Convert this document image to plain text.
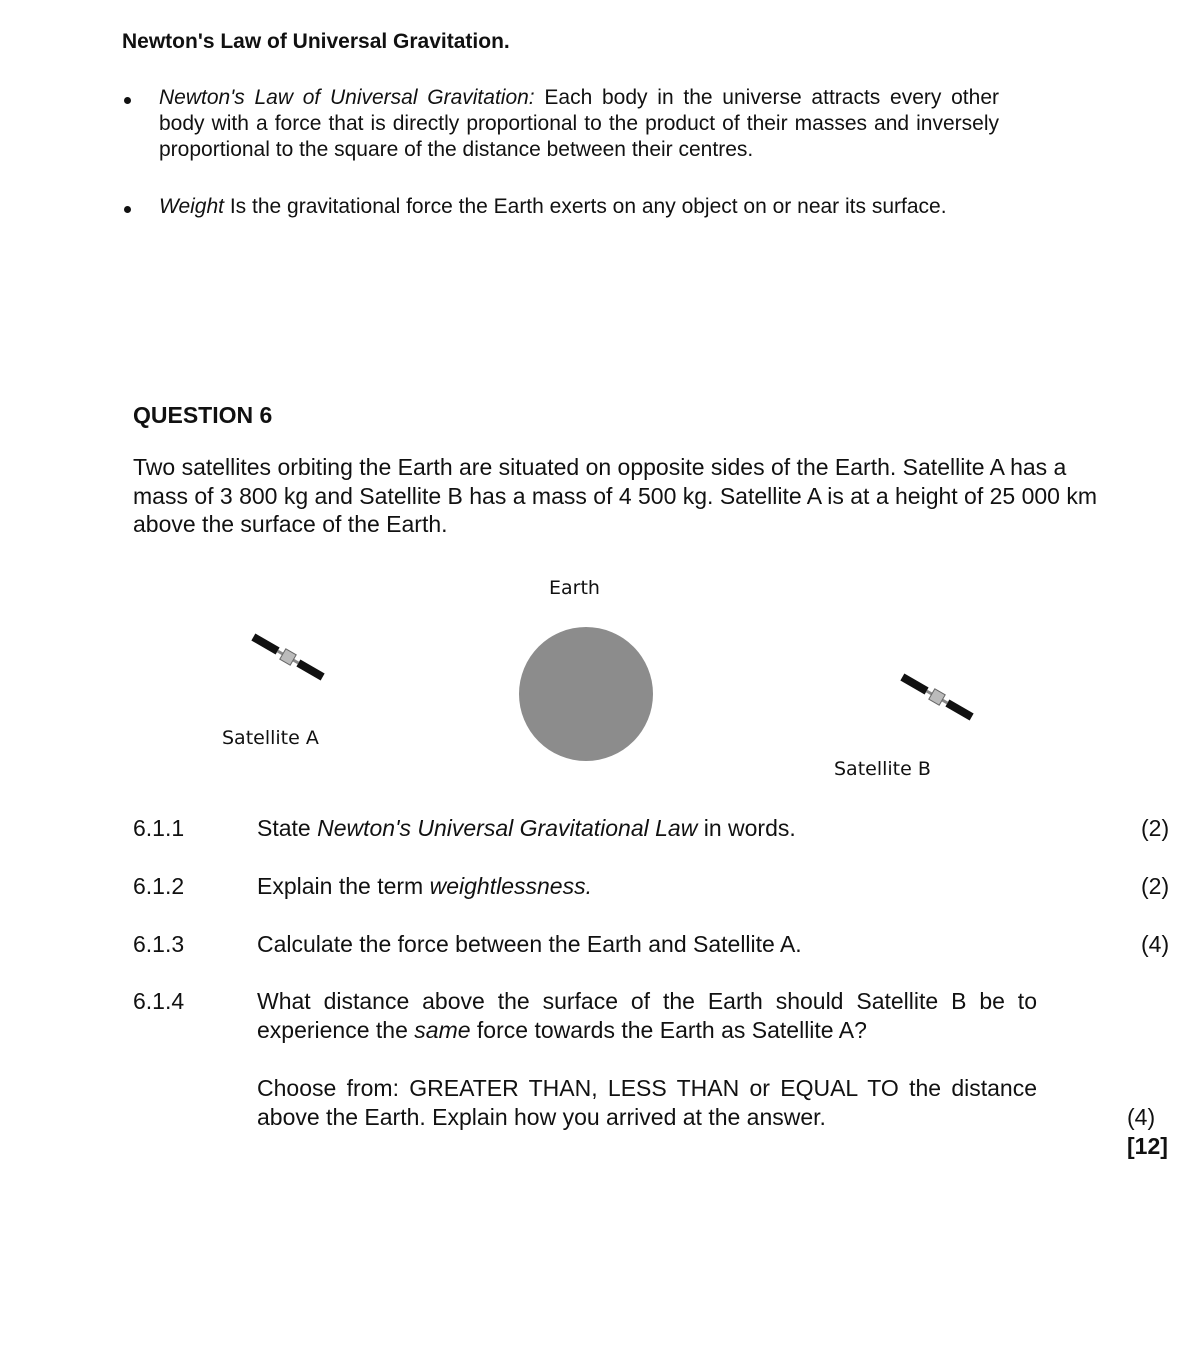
Newton's Law of Universal Gravitation.
Newton's Law of Universal Gravitation: Each body in the universe attracts every other body with a force that is directly proportional to the product of their masses and inversely proportional to the square of the distance between their centres.
Weight Is the gravitational force the Earth exerts on any object on or near its surface.
QUESTION 6
Two satellites orbiting the Earth are situated on opposite sides of the Earth. Satellite A has a mass of 3 800 kg and Satellite B has a mass of 4 500 kg. Satellite A is at a height of 25 000 km above the surface of the Earth.
Earth
Satellite A
Satellite B
6.1.1	State Newton's Universal Gravitational Law in words.	(2)
6.1.2	Explain the term weightlessness.	(2)
6.1.3	Calculate the force between the Earth and Satellite A.	(4)
6.1.4	What distance above the surface of the Earth should Satellite B be to experience the same force towards the Earth as Satellite A?
Choose from: GREATER THAN, LESS THAN or EQUAL TO the distance above the Earth. Explain how you arrived at the answer.	(4)
[12]
